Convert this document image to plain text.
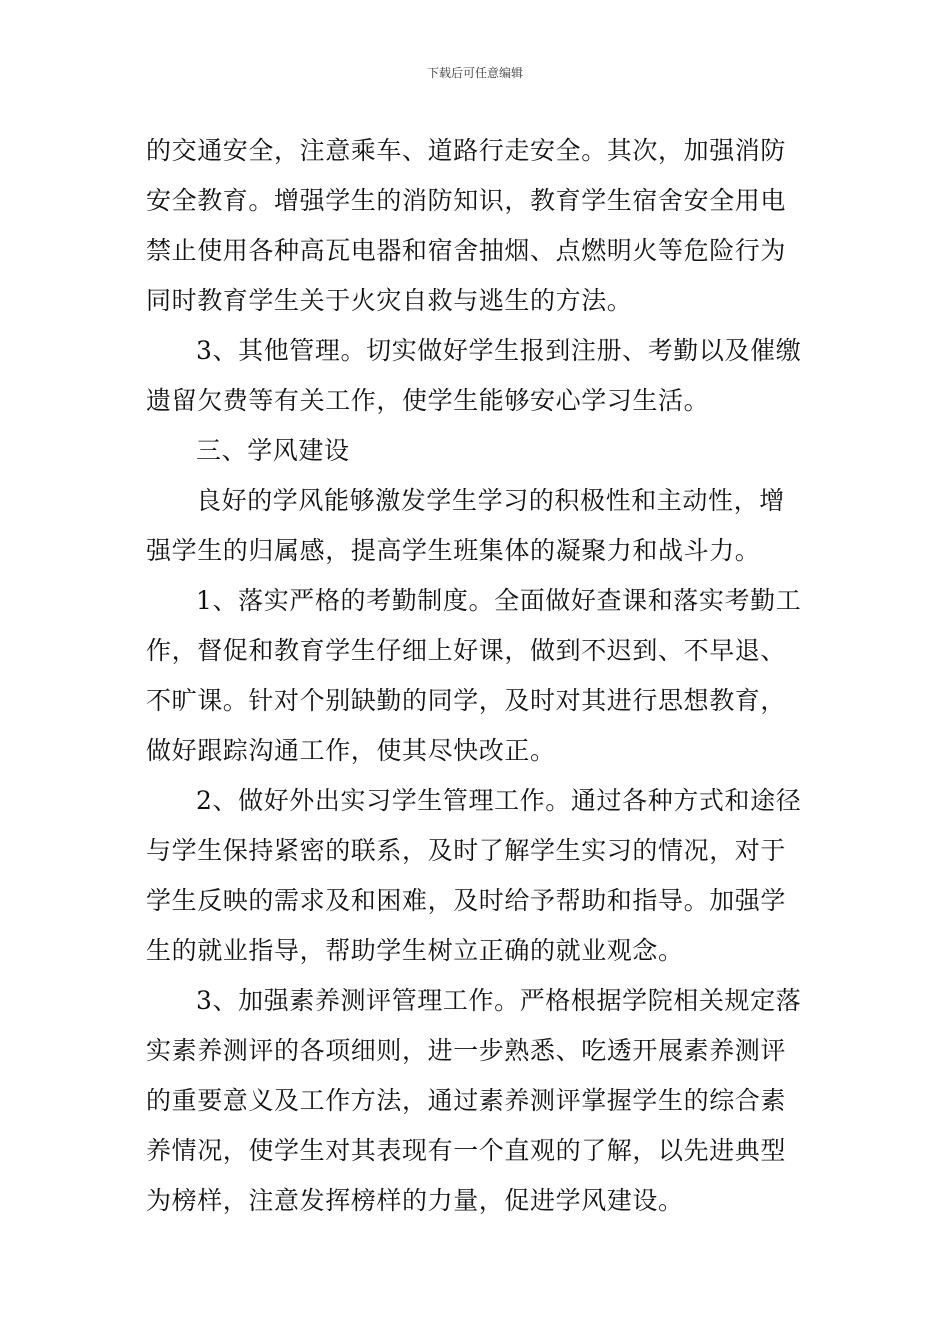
下载后可任意编辑
的交通安全，注意乘车、道路行走安全。其次，加强消防
安全教育。增强学生的消防知识，教育学生宿舍安全用电
禁止使用各种高瓦电器和宿舍抽烟、点燃明火等危险行为
同时教育学生关于火灾自救与逃生的方法。
3、其他管理。切实做好学生报到注册、考勤以及催缴
遗留欠费等有关工作，使学生能够安心学习生活。
三、学风建设
良好的学风能够激发学生学习的积极性和主动性，增
强学生的归属感，提高学生班集体的凝聚力和战斗力。
1、落实严格的考勤制度。全面做好查课和落实考勤工
作，督促和教育学生仔细上好课，做到不迟到、不早退、
不旷课。针对个别缺勤的同学，及时对其进行思想教育，
做好跟踪沟通工作，使其尽快改正。
2、做好外出实习学生管理工作。通过各种方式和途径
与学生保持紧密的联系，及时了解学生实习的情况，对于
学生反映的需求及和困难，及时给予帮助和指导。加强学
生的就业指导，帮助学生树立正确的就业观念。
3、加强素养测评管理工作。严格根据学院相关规定落
实素养测评的各项细则，进一步熟悉、吃透开展素养测评
的重要意义及工作方法，通过素养测评掌握学生的综合素
养情况，使学生对其表现有一个直观的了解，以先进典型
为榜样，注意发挥榜样的力量，促进学风建设。
